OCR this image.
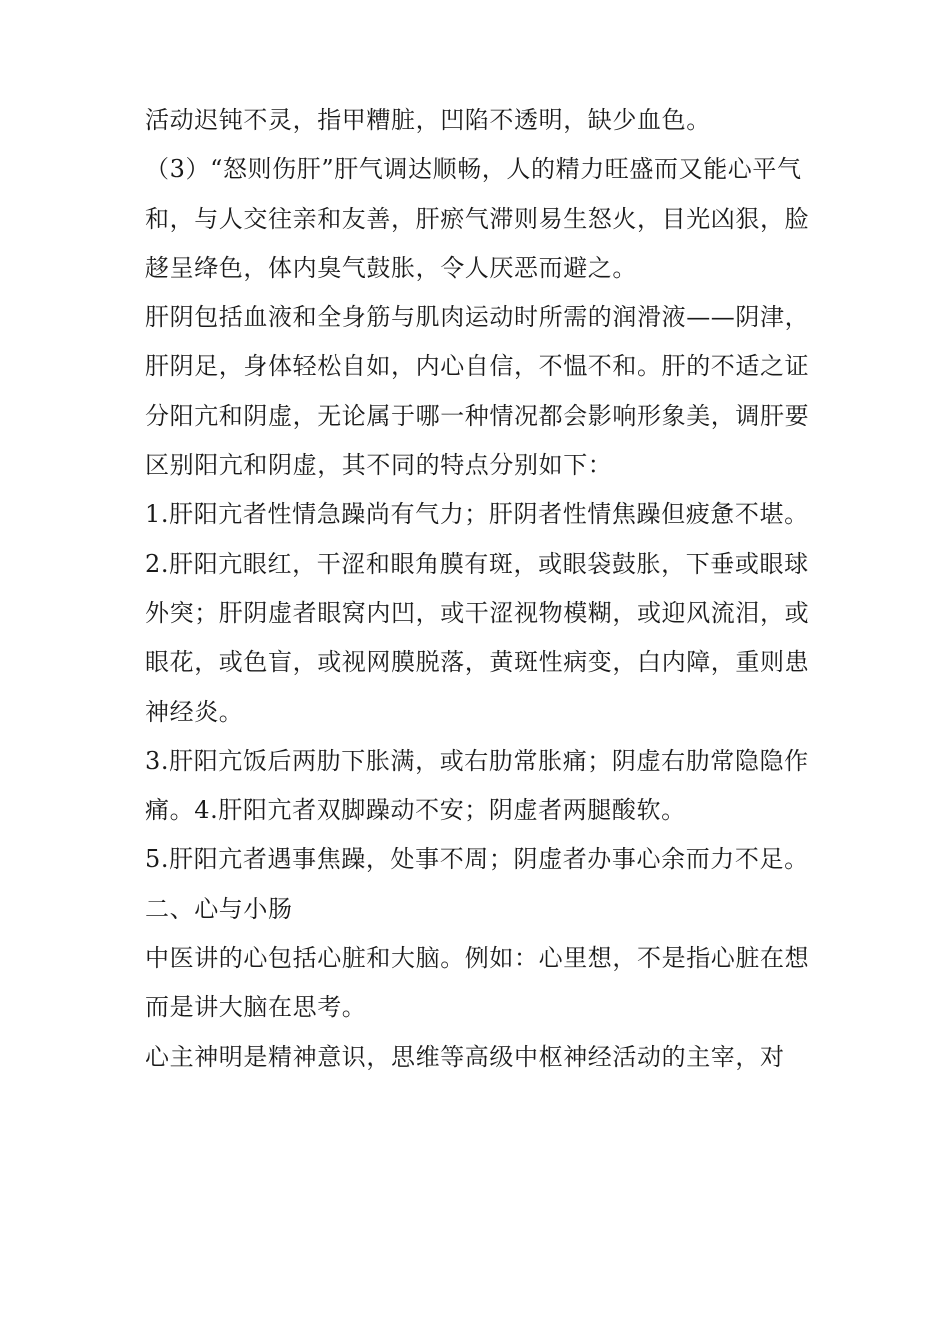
活动迟钝不灵，指甲糟脏，凹陷不透明，缺少血色。

（3）“怒则伤肝”肝气调达顺畅，人的精力旺盛而又能心平气和，与人交往亲和友善，肝瘀气滞则易生怒火，目光凶狠，脸趍呈绛色，体内臭气鼓胀，令人厌恶而避之。

肝阴包括血液和全身筋与肌肉运动时所需的润滑液——阴津，肝阴足，身体轻松自如，内心自信，不愠不和。肝的不适之证分阳亢和阴虚，无论属于哪一种情况都会影响形象美，调肝要区别阳亢和阴虚，其不同的特点分别如下：

1.肝阳亢者性情急躁尚有气力；肝阴者性情焦躁但疲惫不堪。

2.肝阳亢眼红，干涩和眼角膜有斑，或眼袋鼓胀，下垂或眼球外突；肝阴虚者眼窝内凹，或干涩视物模糊，或迎风流泪，或眼花，或色盲，或视网膜脱落，黄斑性病变，白内障，重则患神经炎。

3.肝阳亢饭后两肋下胀满，或右肋常胀痛；阴虚右肋常隐隐作痛。4.肝阳亢者双脚躁动不安；阴虚者两腿酸软。

5.肝阳亢者遇事焦躁，处事不周；阴虚者办事心余而力不足。

二、心与小肠

中医讲的心包括心脏和大脑。例如：心里想，不是指心脏在想而是讲大脑在思考。

心主神明是精神意识，思维等高级中枢神经活动的主宰，对
